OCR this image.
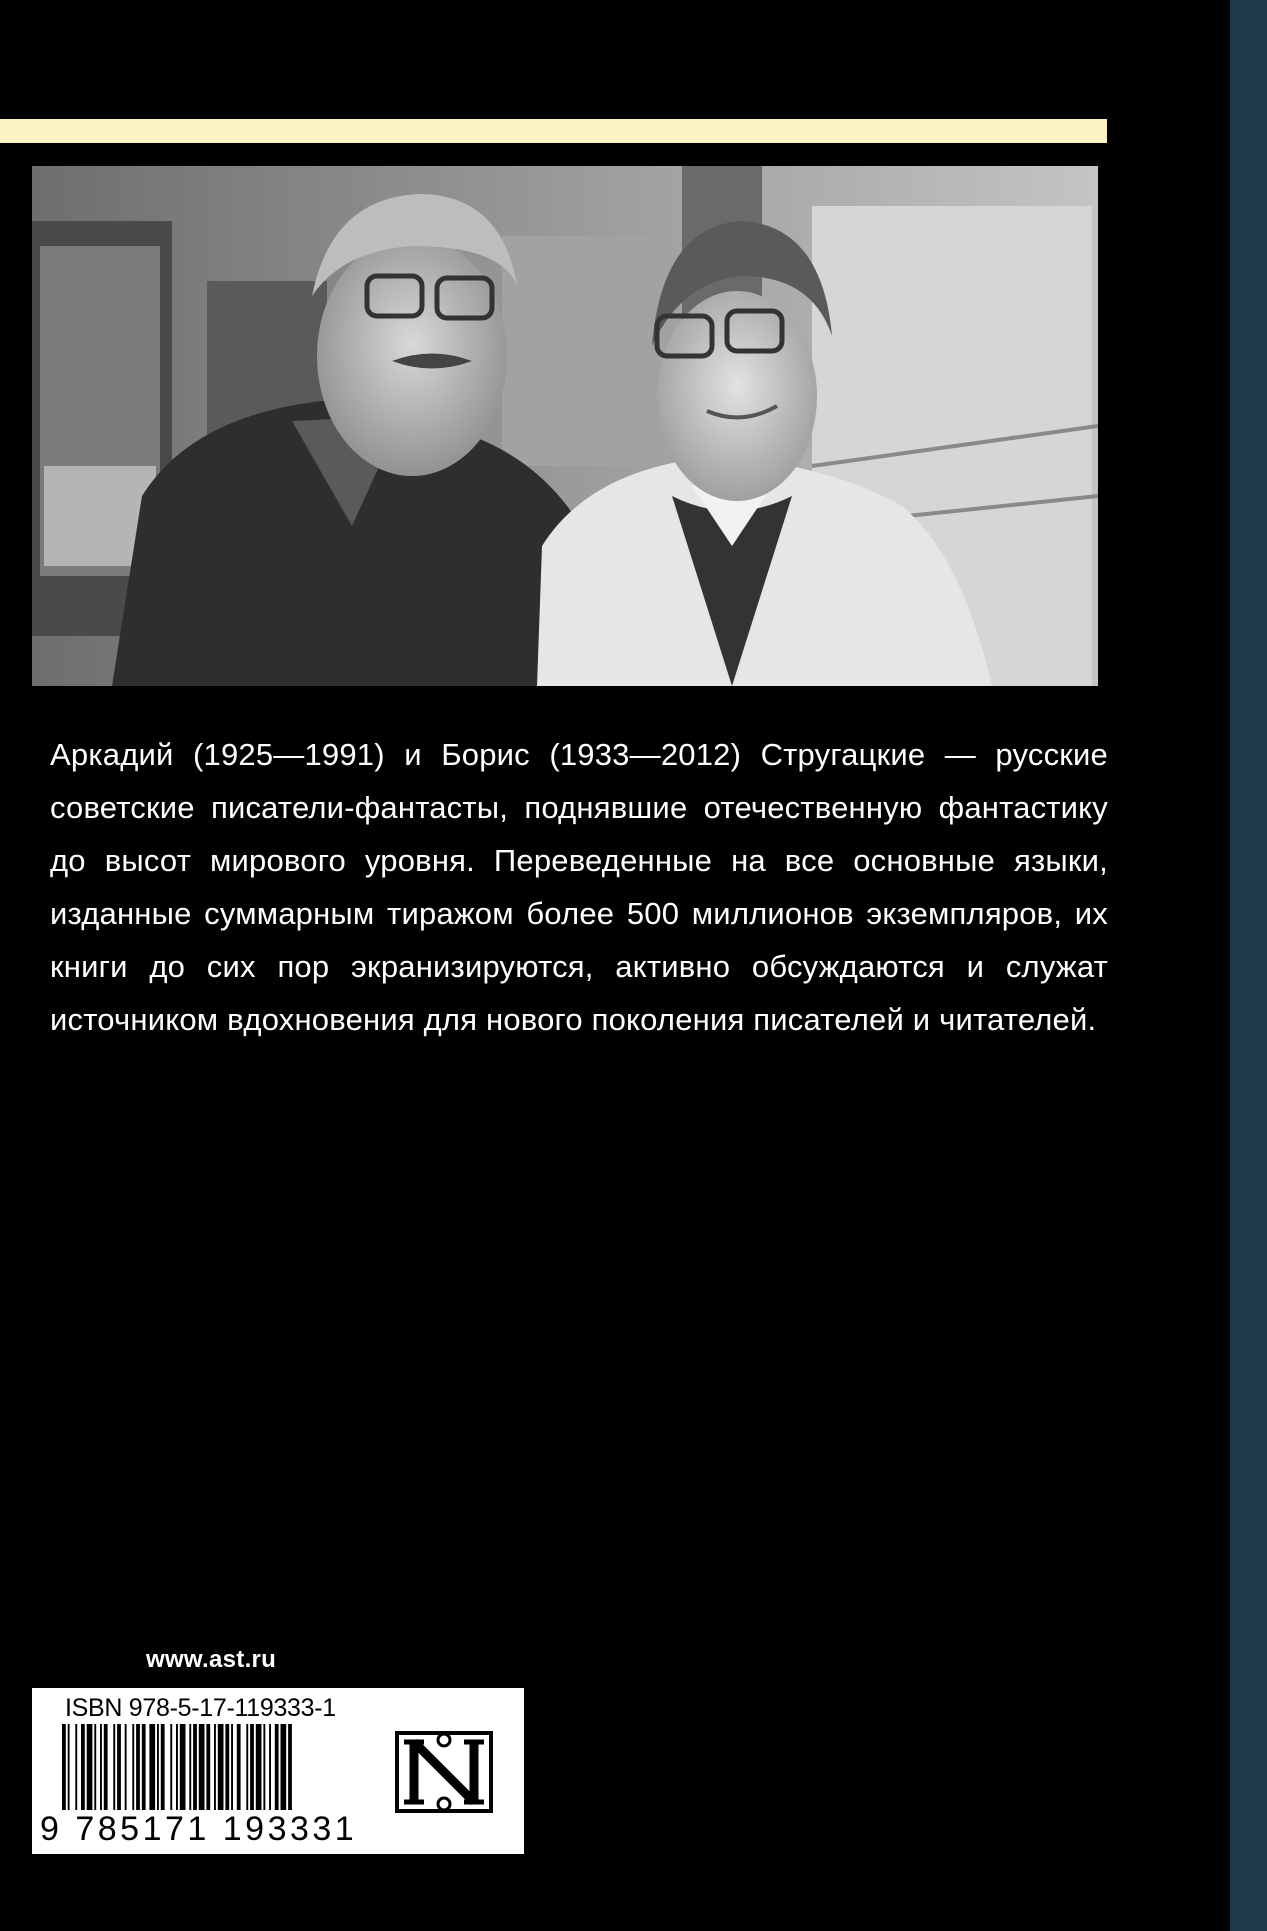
Аркадий (1925—1991) и Борис (1933—2012) Стругацкие — русские советские писатели-фантасты, поднявшие отечественную фантастику до высот мирового уровня. Переведенные на все основные языки, изданные суммарным тиражом более 500 миллионов экземпляров, их книги до сих пор экранизируются, активно обсуждаются и служат источником вдохновения для нового поколения писателей и читателей.

www.ast.ru
ISBN 978-5-17-119333-1
9 785171 193331
